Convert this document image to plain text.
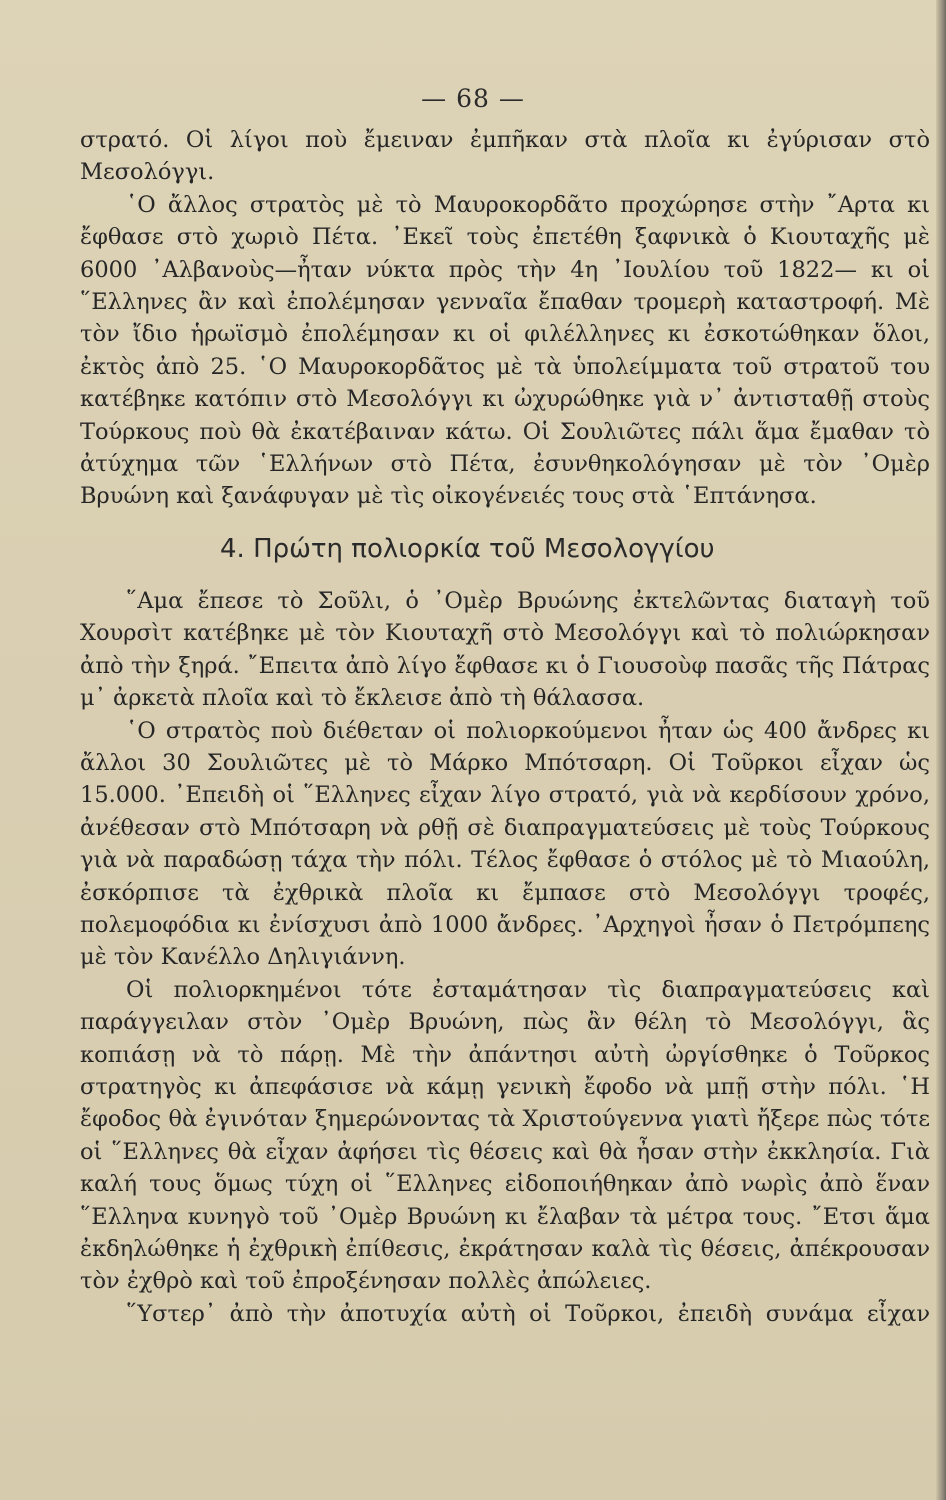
— 68 —

στρατό. Οἱ λίγοι ποὺ ἔμειναν ἐμπῆκαν στὰ πλοῖα κι ἐγύρισαν στὸ Μεσολόγγι.

῾Ο ἄλλος στρατὸς μὲ τὸ Μαυροκορδᾶτο προχώρησε στὴν ῎Αρτα κι ἔφθασε στὸ χωριὸ Πέτα. ᾽Εκεῖ τοὺς ἐπετέθη ξαφνικὰ ὁ Κιουταχῆς μὲ 6000 ᾽Αλβανοὺς—ἦταν νύκτα πρὸς τὴν 4η ᾽Ιουλίου τοῦ 1822— κι οἱ ῞Ελληνες ἂν καὶ ἐπολέμησαν γενναῖα ἔπαθαν τρομερὴ καταστροφή. Μὲ τὸν ἴδιο ἡρωϊσμὸ ἐπολέμησαν κι οἱ φιλέλληνες κι ἐσκοτώθηκαν ὅλοι, ἐκτὸς ἀπὸ 25. ῾Ο Μαυροκορδᾶτος μὲ τὰ ὑπολείμματα τοῦ στρατοῦ του κατέβηκε κατόπιν στὸ Μεσολόγγι κι ὠχυρώθηκε γιὰ ν᾽ ἀντισταθῇ στοὺς Τούρκους ποὺ θὰ ἐκατέβαιναν κάτω. Οἱ Σουλιῶτες πάλι ἅμα ἔμαθαν τὸ ἀτύχημα τῶν ῾Ελλήνων στὸ Πέτα, ἐσυνθηκολόγησαν μὲ τὸν ᾽Ομὲρ Βρυώνη καὶ ξανάφυγαν μὲ τὶς οἰκογένειές τους στὰ ῾Επτάνησα.

4. Πρώτη πολιορκία τοῦ Μεσολογγίου

῞Αμα ἔπεσε τὸ Σοῦλι, ὁ ᾽Ομὲρ Βρυώνης ἐκτελῶντας διαταγὴ τοῦ Χουρσὶτ κατέβηκε μὲ τὸν Κιουταχῆ στὸ Μεσολόγγι καὶ τὸ πολιώρκησαν ἀπὸ τὴν ξηρά. ῎Επειτα ἀπὸ λίγο ἔφθασε κι ὁ Γιουσοὺφ πασᾶς τῆς Πάτρας μ᾽ ἀρκετὰ πλοῖα καὶ τὸ ἔκλεισε ἀπὸ τὴ θάλασσα.

῾Ο στρατὸς ποὺ διέθεταν οἱ πολιορκούμενοι ἦταν ὡς 400 ἄνδρες κι ἄλλοι 30 Σουλιῶτες μὲ τὸ Μάρκο Μπότσαρη. Οἱ Τοῦρκοι εἶχαν ὡς 15.000. ᾽Επειδὴ οἱ ῞Ελληνες εἶχαν λίγο στρατό, γιὰ νὰ κερδίσουν χρόνο, ἀνέθεσαν στὸ Μπότσαρη νὰ ρθῇ σὲ διαπραγματεύσεις μὲ τοὺς Τούρκους γιὰ νὰ παραδώσῃ τάχα τὴν πόλι. Τέλος ἔφθασε ὁ στόλος μὲ τὸ Μιαούλη, ἐσκόρπισε τὰ ἐχθρικὰ πλοῖα κι ἔμπασε στὸ Μεσολόγγι τροφές, πολεμοφόδια κι ἐνίσχυσι ἀπὸ 1000 ἄνδρες. ᾽Αρχηγοὶ ἦσαν ὁ Πετρόμπεης μὲ τὸν Κανέλλο Δηλιγιάννη.

Οἱ πολιορκημένοι τότε ἐσταμάτησαν τὶς διαπραγματεύσεις καὶ παράγγειλαν στὸν ᾽Ομὲρ Βρυώνη, πὼς ἂν θέλη τὸ Μεσολόγγι, ἃς κοπιάσῃ νὰ τὸ πάρῃ. Μὲ τὴν ἀπάντησι αὐτὴ ὠργίσθηκε ὁ Τοῦρκος στρατηγὸς κι ἀπεφάσισε νὰ κάμῃ γενικὴ ἔφοδο νὰ μπῇ στὴν πόλι. ῾Η ἔφοδος θὰ ἐγινόταν ξημερώνοντας τὰ Χριστούγεννα γιατὶ ἤξερε πὼς τότε οἱ ῞Ελληνες θὰ εἶχαν ἀφήσει τὶς θέσεις καὶ θὰ ἦσαν στὴν ἐκκλησία. Γιὰ καλή τους ὅμως τύχη οἱ ῞Ελληνες εἰδοποιήθηκαν ἀπὸ νωρὶς ἀπὸ ἕναν ῞Ελληνα κυνηγὸ τοῦ ᾽Ομὲρ Βρυώνη κι ἔλαβαν τὰ μέτρα τους. ῎Ετσι ἅμα ἐκδηλώθηκε ἡ ἐχθρικὴ ἐπίθεσις, ἐκράτησαν καλὰ τὶς θέσεις, ἀπέκρουσαν τὸν ἐχθρὸ καὶ τοῦ ἐπροξένησαν πολλὲς ἀπώλειες.

῞Υστερ᾽ ἀπὸ τὴν ἀποτυχία αὐτὴ οἱ Τοῦρκοι, ἐπειδὴ συνάμα εἶχαν
